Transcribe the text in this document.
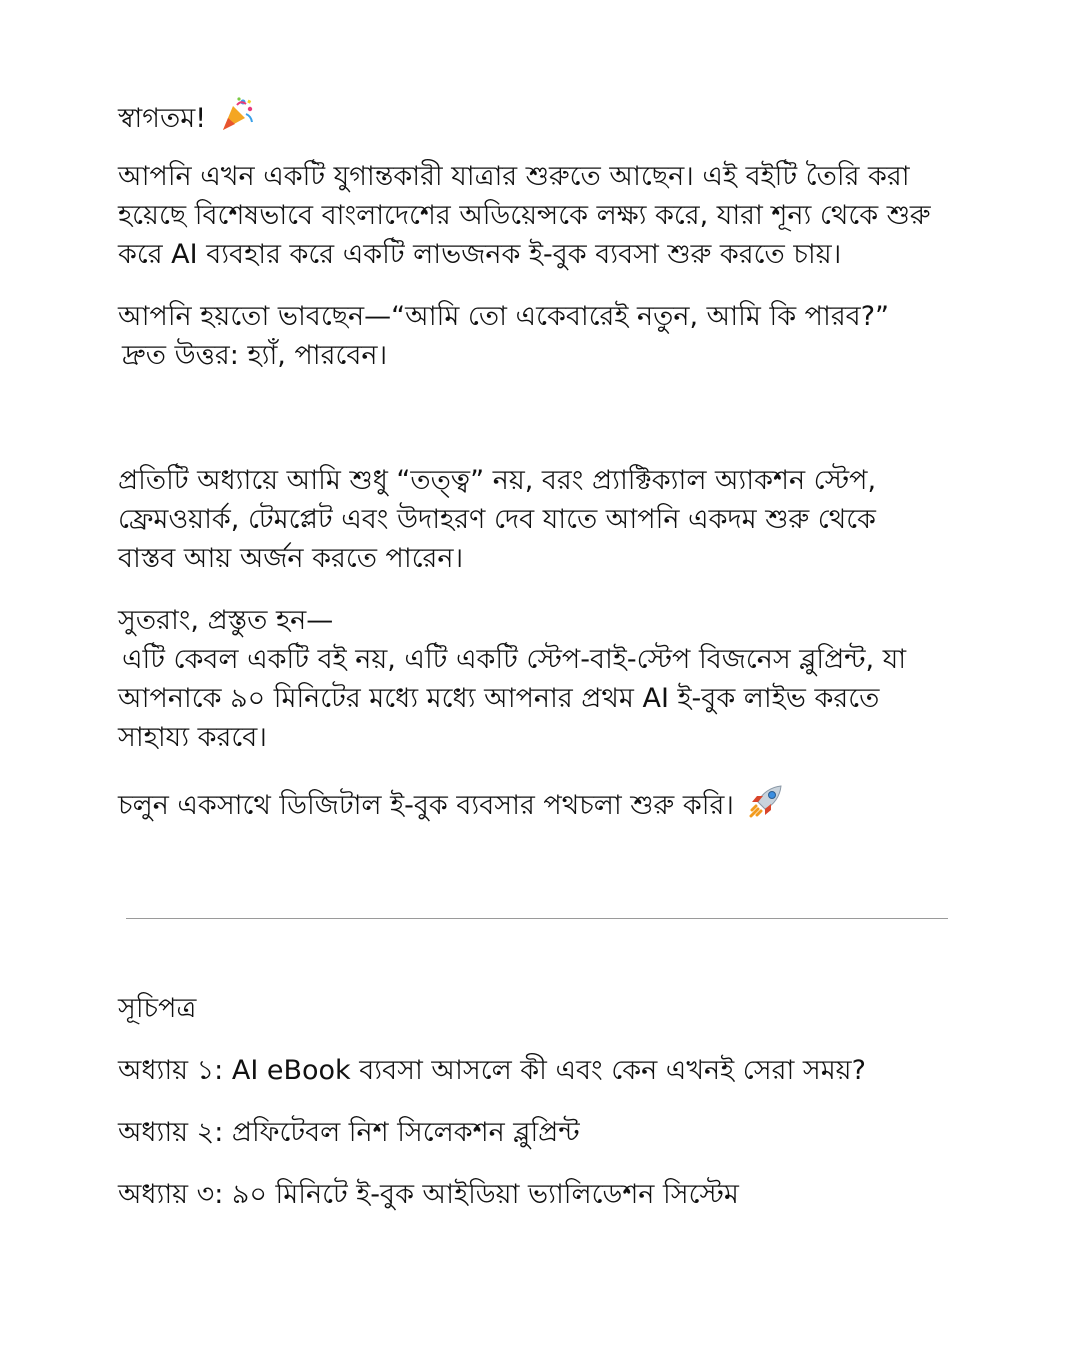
স্বাগতম!
আপনি এখন একটি যুগান্তকারী যাত্রার শুরুতে আছেন। এই বইটি তৈরি করা
হয়েছে বিশেষভাবে বাংলাদেশের অডিয়েন্সকে লক্ষ্য করে, যারা শূন্য থেকে শুরু
করে AI ব্যবহার করে একটি লাভজনক ই-বুক ব্যবসা শুরু করতে চায়।
আপনি হয়তো ভাবছেন—“আমি তো একেবারেই নতুন, আমি কি পারব?”
দ্রুত উত্তর: হ্যাঁ, পারবেন।
প্রতিটি অধ্যায়ে আমি শুধু “তত্ত্ব” নয়, বরং প্র্যাক্টিক্যাল অ্যাকশন স্টেপ,
ফ্রেমওয়ার্ক, টেমপ্লেট এবং উদাহরণ দেব যাতে আপনি একদম শুরু থেকে
বাস্তব আয় অর্জন করতে পারেন।
সুতরাং, প্রস্তুত হন—
এটি কেবল একটি বই নয়, এটি একটি স্টেপ-বাই-স্টেপ বিজনেস ব্লুপ্রিন্ট, যা
আপনাকে ৯০ মিনিটের মধ্যে মধ্যে আপনার প্রথম AI ই-বুক লাইভ করতে
সাহায্য করবে।
চলুন একসাথে ডিজিটাল ই-বুক ব্যবসার পথচলা শুরু করি।
সূচিপত্র
অধ্যায় ১: AI eBook ব্যবসা আসলে কী এবং কেন এখনই সেরা সময়?
অধ্যায় ২: প্রফিটেবল নিশ সিলেকশন ব্লুপ্রিন্ট
অধ্যায় ৩: ৯০ মিনিটে ই-বুক আইডিয়া ভ্যালিডেশন সিস্টেম
